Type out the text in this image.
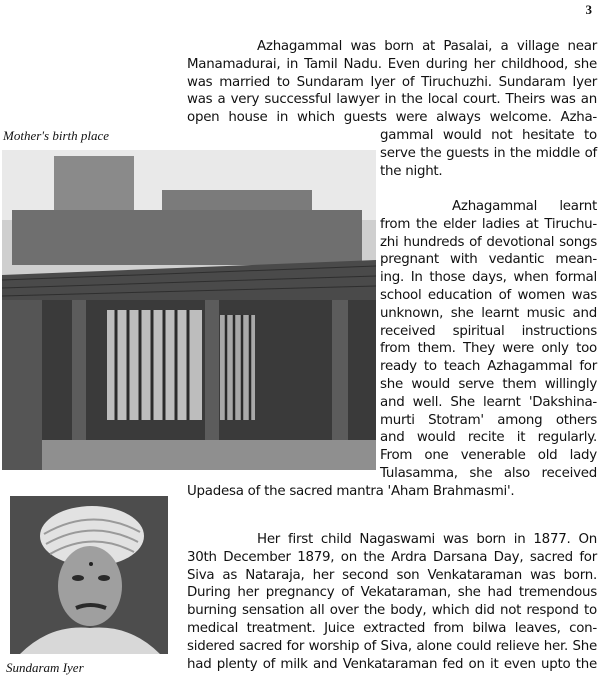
3
Azhagammal was born at Pasalai, a village near
Manamadurai, in Tamil Nadu. Even during her childhood, she
was married to Sundaram Iyer of Tiruchuzhi. Sundaram Iyer
was a very successful lawyer in the local court. Theirs was an
open house in which guests were always welcome. Azha-
gammal would not hesitate to
serve the guests in the middle of
the night.
Mother's birth place
Azhagammal learnt
from the elder ladies at Tiruchu-
zhi hundreds of devotional songs
pregnant with vedantic mean-
ing. In those days, when formal
school education of women was
unknown, she learnt music and
received spiritual instructions
from them. They were only too
ready to teach Azhagammal for
she would serve them willingly
and well. She learnt 'Dakshina-
murti Stotram' among others
and would recite it regularly.
From one venerable old lady
Tulasamma, she also received
Upadesa of the sacred mantra 'Aham Brahmasmi'.
Her first child Nagaswami was born in 1877. On
30th December 1879, on the Ardra Darsana Day, sacred for
Siva as Nataraja, her second son Venkataraman was born.
During her pregnancy of Vekataraman, she had tremendous
burning sensation all over the body, which did not respond to
medical treatment. Juice extracted from bilwa leaves, con-
sidered sacred for worship of Siva, alone could relieve her. She
had plenty of milk and Venkataraman fed on it even upto the
Sundaram Iyer
